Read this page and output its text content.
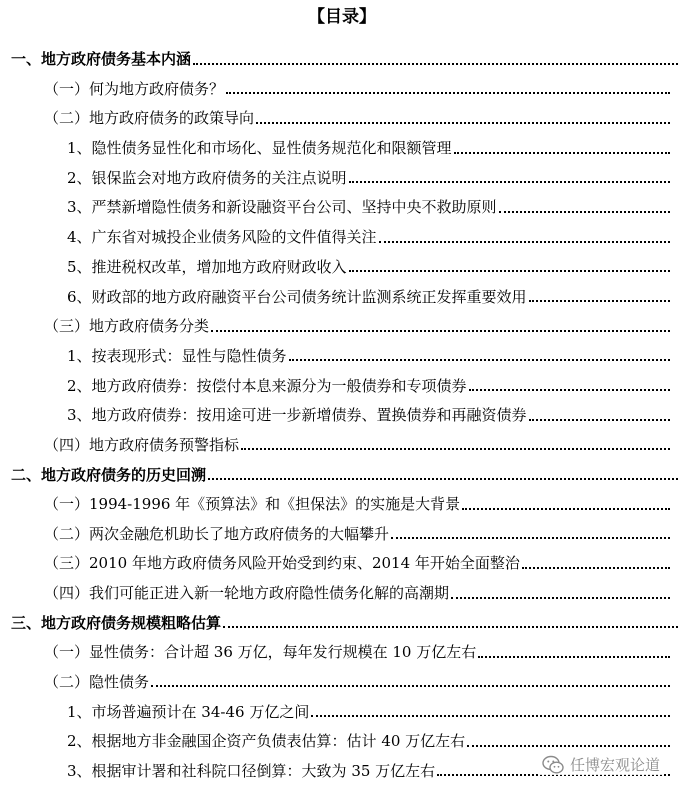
【目录】
一、地方政府债务基本内涵
（一）何为地方政府债务？
（二）地方政府债务的政策导向
1、隐性债务显性化和市场化、显性债务规范化和限额管理
2、银保监会对地方政府债务的关注点说明
3、严禁新增隐性债务和新设融资平台公司、坚持中央不救助原则
4、广东省对城投企业债务风险的文件值得关注
5、推进税权改革，增加地方政府财政收入
6、财政部的地方政府融资平台公司债务统计监测系统正发挥重要效用
（三）地方政府债务分类
1、按表现形式：显性与隐性债务
2、地方政府债券：按偿付本息来源分为一般债券和专项债券
3、地方政府债券：按用途可进一步新增债券、置换债券和再融资债券
（四）地方政府债务预警指标
二、地方政府债务的历史回溯
（一）1994-1996 年《预算法》和《担保法》的实施是大背景
（二）两次金融危机助长了地方政府债务的大幅攀升
（三）2010 年地方政府债务风险开始受到约束、2014 年开始全面整治
（四）我们可能正进入新一轮地方政府隐性债务化解的高潮期
三、地方政府债务规模粗略估算
（一）显性债务：合计超 36 万亿，每年发行规模在 10 万亿左右
（二）隐性债务
1、市场普遍预计在 34-46 万亿之间
2、根据地方非金融国企资产负债表估算：估计 40 万亿左右
3、根据审计署和社科院口径倒算：大致为 35 万亿左右	任博宏观论道
